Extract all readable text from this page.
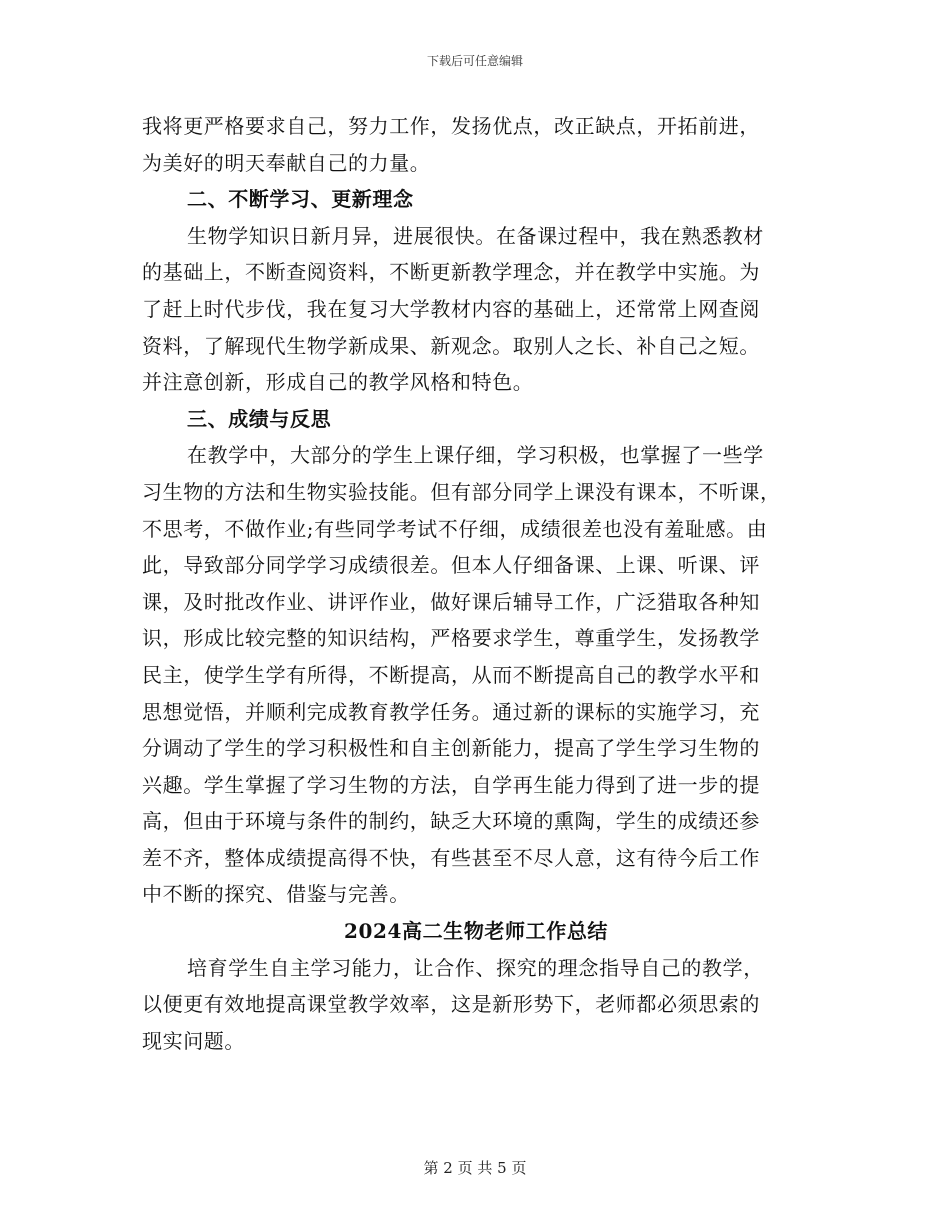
下载后可任意编辑
我将更严格要求自己，努力工作，发扬优点，改正缺点，开拓前进，
为美好的明天奉献自己的力量。
二、不断学习、更新理念
生物学知识日新月异，进展很快。在备课过程中，我在熟悉教材
的基础上，不断查阅资料，不断更新教学理念，并在教学中实施。为
了赶上时代步伐，我在复习大学教材内容的基础上，还常常上网查阅
资料，了解现代生物学新成果、新观念。取别人之长、补自己之短。
并注意创新，形成自己的教学风格和特色。
三、成绩与反思
在教学中，大部分的学生上课仔细，学习积极，也掌握了一些学
习生物的方法和生物实验技能。但有部分同学上课没有课本，不听课，
不思考，不做作业;有些同学考试不仔细，成绩很差也没有羞耻感。由
此，导致部分同学学习成绩很差。但本人仔细备课、上课、听课、评
课，及时批改作业、讲评作业，做好课后辅导工作，广泛猎取各种知
识，形成比较完整的知识结构，严格要求学生，尊重学生，发扬教学
民主，使学生学有所得，不断提高，从而不断提高自己的教学水平和
思想觉悟，并顺利完成教育教学任务。通过新的课标的实施学习，充
分调动了学生的学习积极性和自主创新能力，提高了学生学习生物的
兴趣。学生掌握了学习生物的方法，自学再生能力得到了进一步的提
高，但由于环境与条件的制约，缺乏大环境的熏陶，学生的成绩还参
差不齐，整体成绩提高得不快，有些甚至不尽人意，这有待今后工作
中不断的探究、借鉴与完善。
2024高二生物老师工作总结
培育学生自主学习能力，让合作、探究的理念指导自己的教学，
以便更有效地提高课堂教学效率，这是新形势下，老师都必须思索的
现实问题。
第 2 页 共 5 页
